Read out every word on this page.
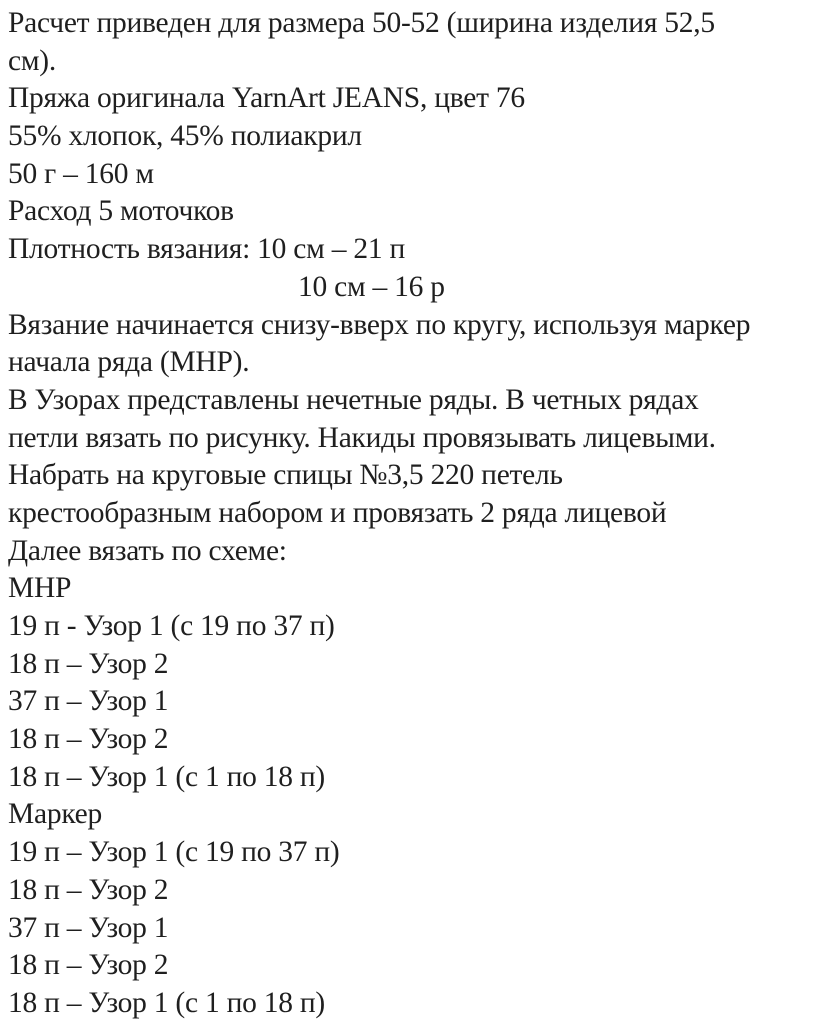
Расчет приведен для размера 50-52 (ширина изделия 52,5
см).
Пряжа оригинала YarnArt JEANS, цвет 76
55% хлопок, 45% полиакрил
50 г – 160 м
Расход 5 моточков
Плотность вязания: 10 см – 21 п
10 см – 16 р
Вязание начинается снизу-вверх по кругу, используя маркер
начала ряда (МНР).
В Узорах представлены нечетные ряды. В четных рядах
петли вязать по рисунку. Накиды провязывать лицевыми.
Набрать на круговые спицы №3,5 220 петель
крестообразным набором и провязать 2 ряда лицевой
Далее вязать по схеме:
МНР
19 п - Узор 1 (с 19 по 37 п)
18 п – Узор 2
37 п – Узор 1
18 п – Узор 2
18 п – Узор 1 (с 1 по 18 п)
Маркер
19 п – Узор 1 (с 19 по 37 п)
18 п – Узор 2
37 п – Узор 1
18 п – Узор 2
18 п – Узор 1 (с 1 по 18 п)
